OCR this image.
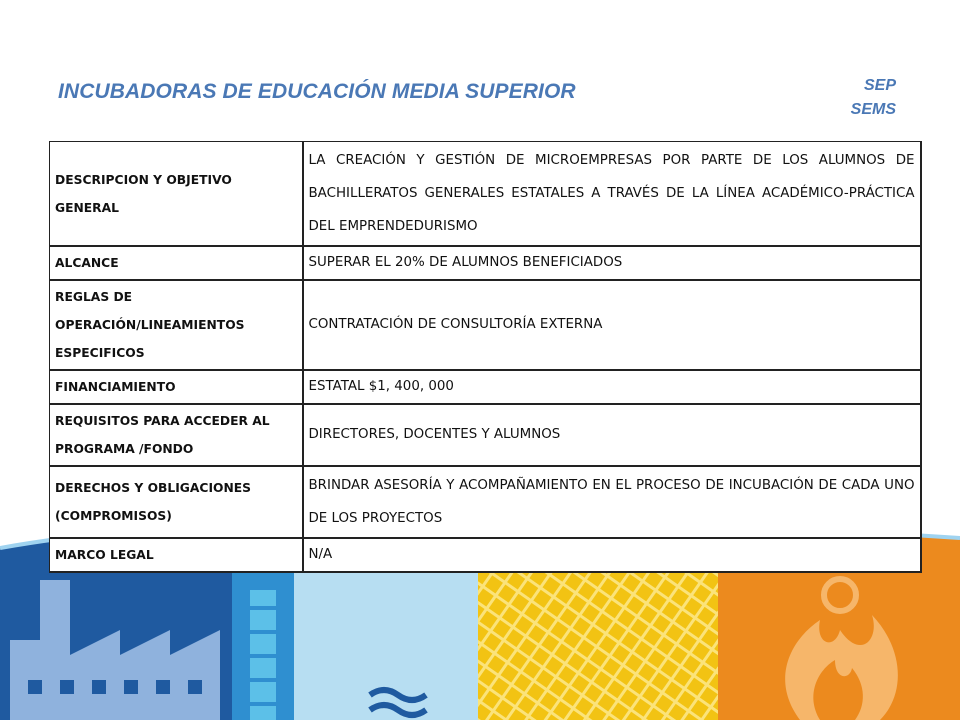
INCUBADORAS DE EDUCACIÓN MEDIA SUPERIOR	SEP
SEMS
DESCRIPCION Y OBJETIVO GENERAL	LA CREACIÓN Y GESTIÓN DE MICROEMPRESAS POR PARTE DE LOS ALUMNOS DE BACHILLERATOS GENERALES ESTATALES A TRAVÉS DE LA LÍNEA ACADÉMICO-PRÁCTICA DEL EMPRENDEDURISMO
ALCANCE	SUPERAR EL 20% DE ALUMNOS BENEFICIADOS
REGLAS DE OPERACIÓN/LINEAMIENTOS ESPECIFICOS	CONTRATACIÓN DE CONSULTORÍA EXTERNA
FINANCIAMIENTO	ESTATAL $1, 400, 000
REQUISITOS PARA ACCEDER AL PROGRAMA /FONDO	DIRECTORES, DOCENTES Y ALUMNOS
DERECHOS Y OBLIGACIONES (COMPROMISOS)	BRINDAR ASESORÍA Y ACOMPAÑAMIENTO EN EL PROCESO DE INCUBACIÓN DE CADA UNO DE LOS PROYECTOS
MARCO LEGAL	N/A
